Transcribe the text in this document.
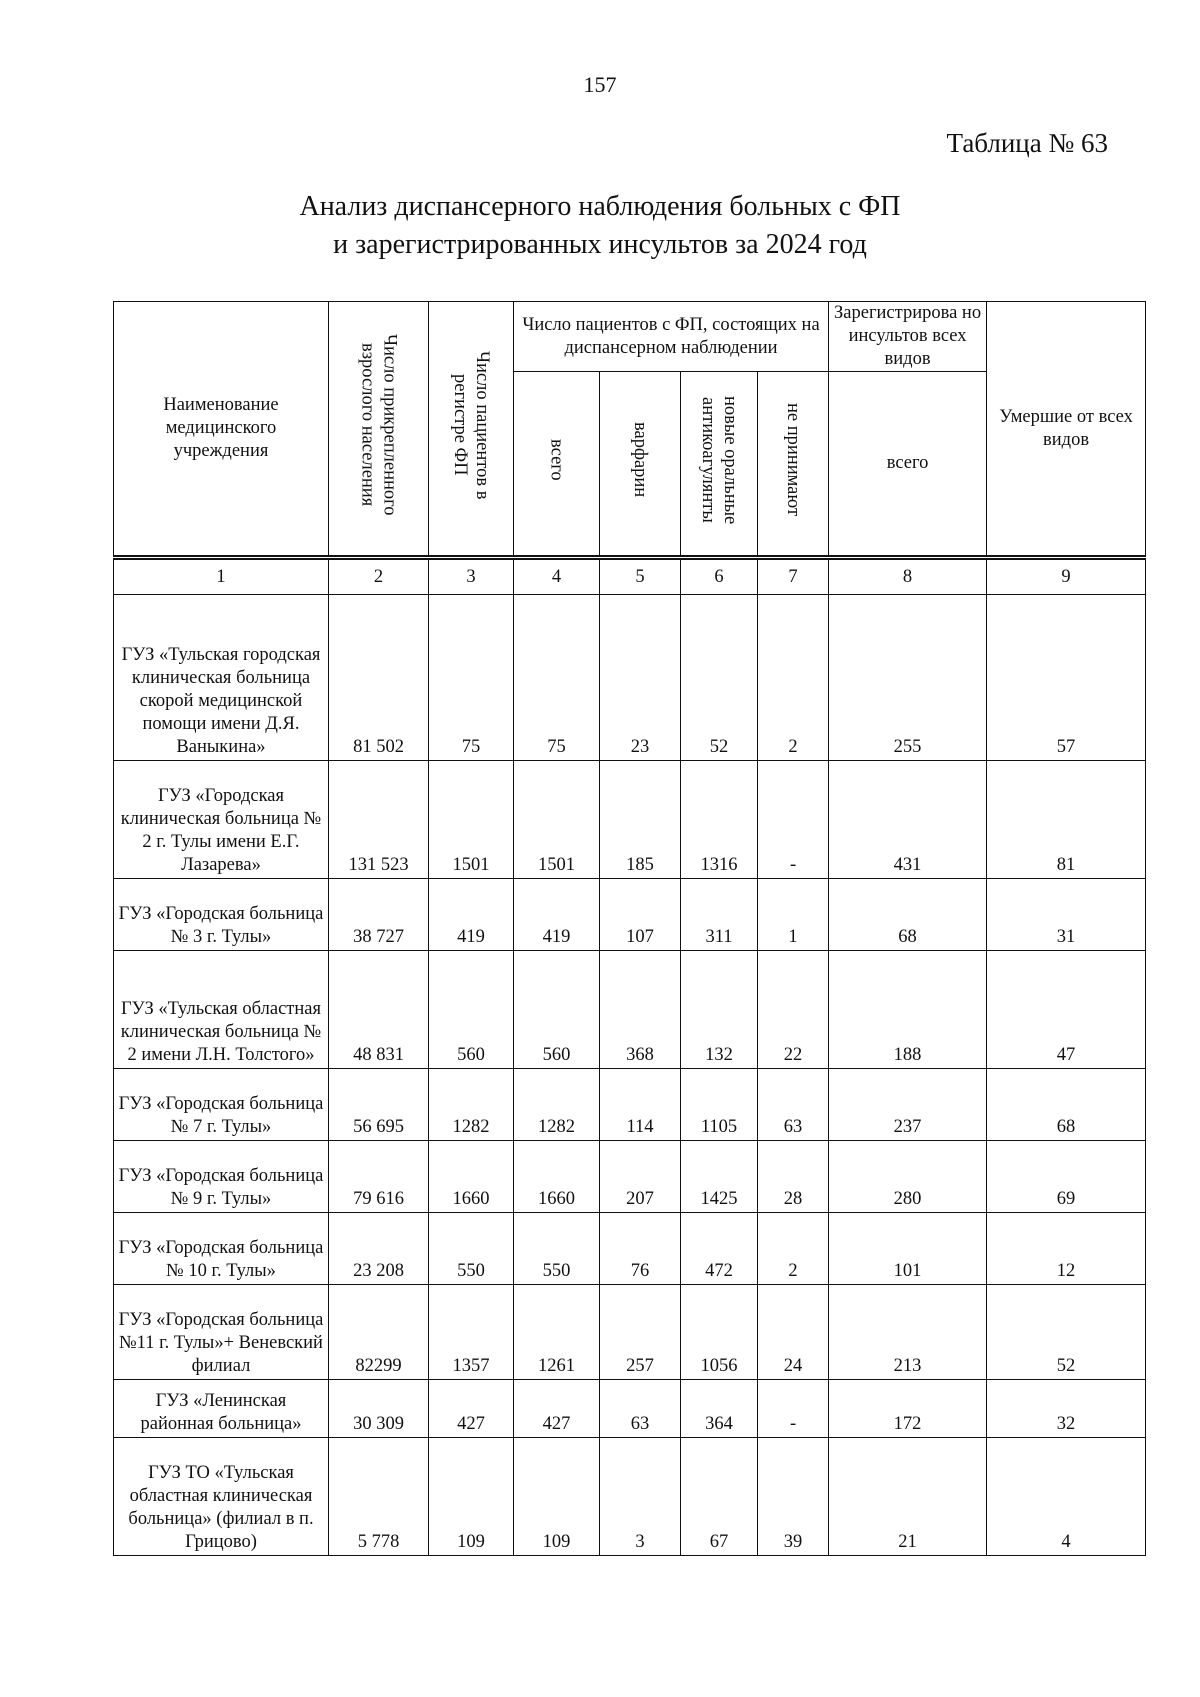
157
Таблица № 63
Анализ диспансерного наблюдения больных с ФП
и зарегистрированных инсультов за 2024 год
Наименование медицинского учреждения	Число прикрепленного взрослого населения	Число пациентов в регистре ФП	Число пациентов с ФП, состоящих на диспансерном наблюдении				Зарегистрирова но инсультов всех видов	Умершие от всех видов
			всего	варфарин	новые оральные антикоагулянты	не принимают	всего	
1	2	3	4	5	6	7	8	9
ГУЗ «Тульская городская клиническая больница скорой медицинской помощи имени Д.Я. Ваныкина»	81 502	75	75	23	52	2	255	57
ГУЗ «Городская клиническая больница № 2 г. Тулы имени Е.Г. Лазарева»	131 523	1501	1501	185	1316	-	431	81
ГУЗ «Городская больница № 3 г. Тулы»	38 727	419	419	107	311	1	68	31
ГУЗ «Тульская областная клиническая больница № 2 имени Л.Н. Толстого»	48 831	560	560	368	132	22	188	47
ГУЗ «Городская больница № 7 г. Тулы»	56 695	1282	1282	114	1105	63	237	68
ГУЗ «Городская больница № 9 г. Тулы»	79 616	1660	1660	207	1425	28	280	69
ГУЗ «Городская больница № 10 г. Тулы»	23 208	550	550	76	472	2	101	12
ГУЗ «Городская больница №11 г. Тулы»+ Веневский филиал	82299	1357	1261	257	1056	24	213	52
ГУЗ «Ленинская районная больница»	30 309	427	427	63	364	-	172	32
ГУЗ ТО «Тульская областная клиническая больница» (филиал в п. Грицово)	5 778	109	109	3	67	39	21	4
